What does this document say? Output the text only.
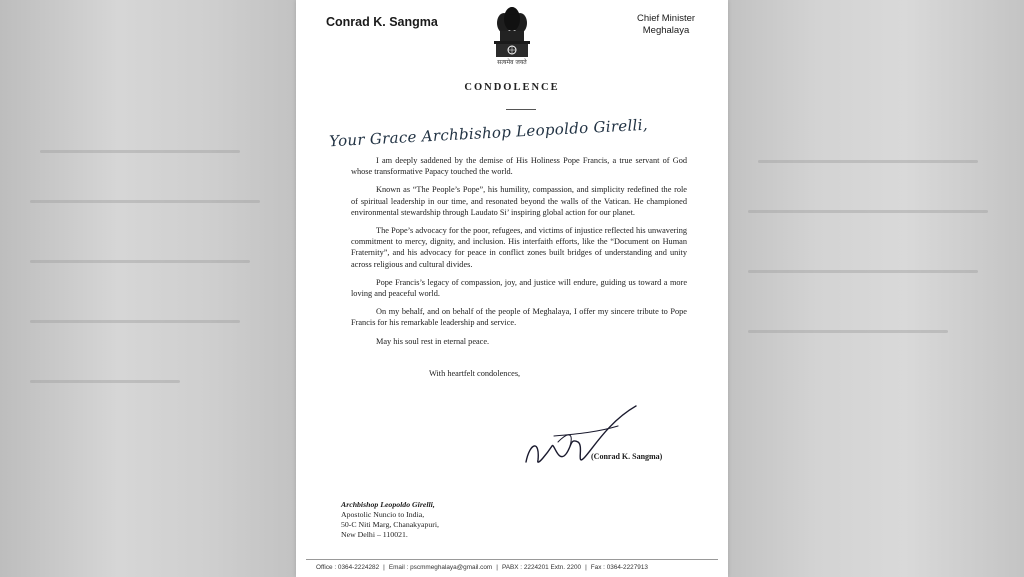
Conrad K. Sangma
सत्यमेव जयते
Chief Minister
Meghalaya
CONDOLENCE
Your Grace Archbishop Leopoldo Girelli,

I am deeply saddened by the demise of His Holiness Pope Francis, a true servant of God whose transformative Papacy touched the world.

Known as “The People’s Pope”, his humility, compassion, and simplicity redefined the role of spiritual leadership in our time, and resonated beyond the walls of the Vatican. He championed environmental stewardship through Laudato Si’ inspiring global action for our planet.

The Pope’s advocacy for the poor, refugees, and victims of injustice reflected his unwavering commitment to mercy, dignity, and inclusion. His interfaith efforts, like the “Document on Human Fraternity”, and his advocacy for peace in conflict zones built bridges of understanding and unity across religious and cultural divides.

Pope Francis’s legacy of compassion, joy, and justice will endure, guiding us toward a more loving and peaceful world.

On my behalf, and on behalf of the people of Meghalaya, I offer my sincere tribute to Pope Francis for his remarkable leadership and service.

May his soul rest in eternal peace.

With heartfelt condolences,
(Conrad K. Sangma)
Archbishop Leopoldo Girelli,
Apostolic Nuncio to India,
50-C Niti Marg, Chanakyapuri,
New Delhi – 110021.
Office : 0364-2224282 | Email : pscmmeghalaya@gmail.com | PABX : 2224201 Extn. 2200 | Fax : 0364-2227913
